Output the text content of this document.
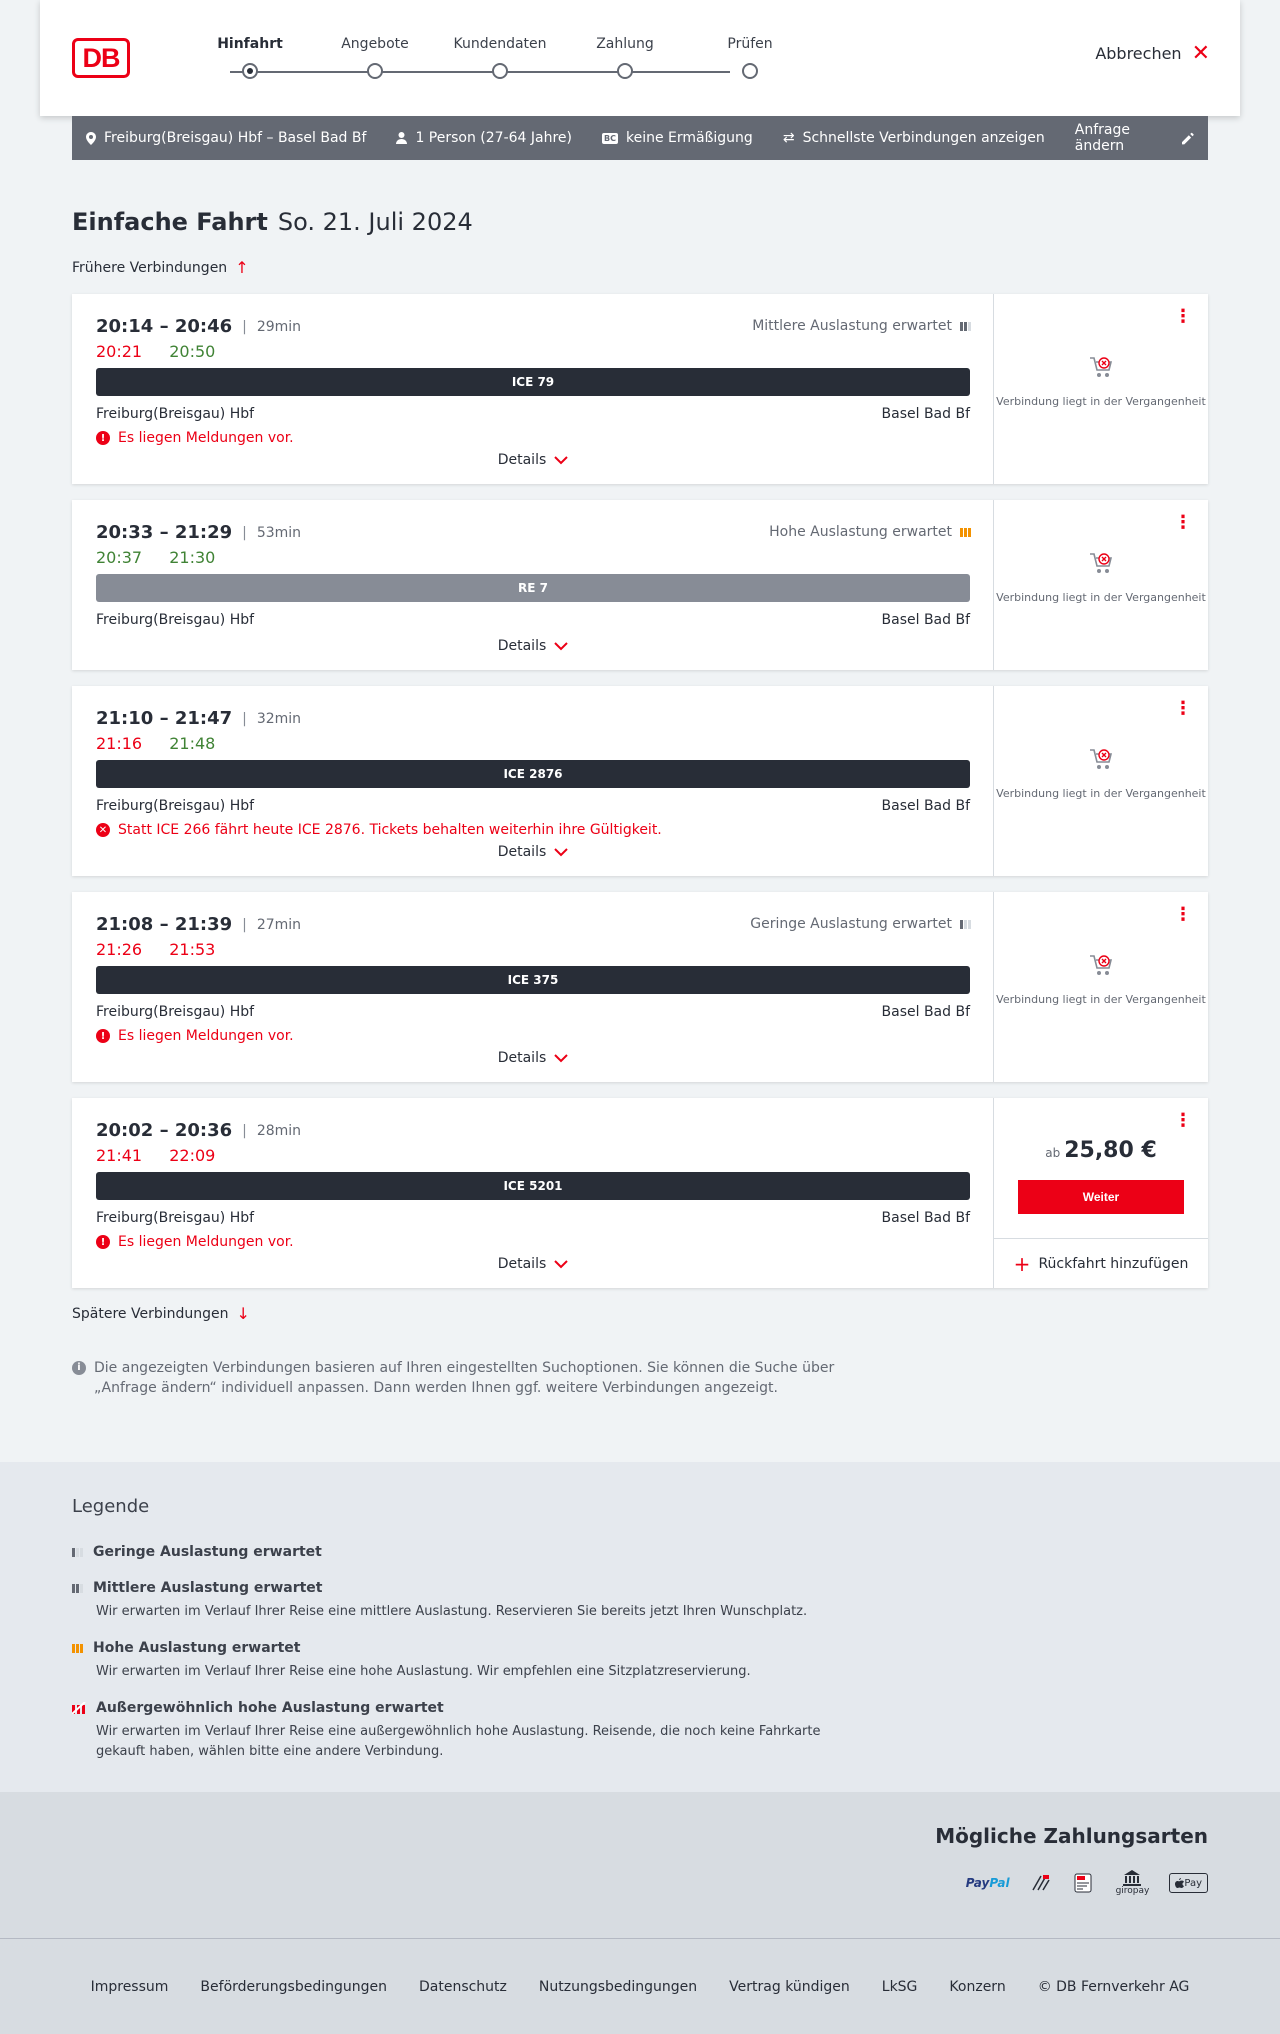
DB	Hinfahrt	Angebote	Kundendaten	Zahlung	Prüfen	Abbrechen ✕
Freiburg(Breisgau) Hbf – Basel Bad Bf	1 Person (27-64 Jahre)	BC keine Ermäßigung ⇄ Schnellste Verbindungen anzeigen Anfrage ändern
Einfache Fahrt So. 21. Juli 2024
Frühere Verbindungen ↑
20:14 – 20:46 | 29min	Mittlere Auslastung erwartet
20:21 20:50
ICE 79
Freiburg(Breisgau) Hbf	Basel Bad Bf
! Es liegen Meldungen vor.
Details
⋮
Verbindung liegt in der Vergangenheit
20:33 – 21:29 | 53min	Hohe Auslastung erwartet
20:37 21:30
RE 7
Freiburg(Breisgau) Hbf	Basel Bad Bf
Details
⋮
Verbindung liegt in der Vergangenheit
21:10 – 21:47 | 32min
21:16 21:48
ICE 2876
Freiburg(Breisgau) Hbf	Basel Bad Bf
✕ Statt ICE 266 fährt heute ICE 2876. Tickets behalten weiterhin ihre Gültigkeit.
Details
⋮
Verbindung liegt in der Vergangenheit
21:08 – 21:39 | 27min	Geringe Auslastung erwartet
21:26 21:53
ICE 375
Freiburg(Breisgau) Hbf	Basel Bad Bf
! Es liegen Meldungen vor.
Details
⋮
Verbindung liegt in der Vergangenheit
20:02 – 20:36 | 28min
21:41 22:09
ICE 5201
Freiburg(Breisgau) Hbf	Basel Bad Bf
! Es liegen Meldungen vor.
Details
⋮
ab 25,80 €
Weiter
+ Rückfahrt hinzufügen
Spätere Verbindungen ↓
i Die angezeigten Verbindungen basieren auf Ihren eingestellten Suchoptionen. Sie können die Suche über „Anfrage ändern“ individuell anpassen. Dann werden Ihnen ggf. weitere Verbindungen angezeigt.
Legende
Geringe Auslastung erwartet
Mittlere Auslastung erwartet
Wir erwarten im Verlauf Ihrer Reise eine mittlere Auslastung. Reservieren Sie bereits jetzt Ihren Wunschplatz.
Hohe Auslastung erwartet
Wir erwarten im Verlauf Ihrer Reise eine hohe Auslastung. Wir empfehlen eine Sitzplatzreservierung.
Außergewöhnlich hohe Auslastung erwartet
Wir erwarten im Verlauf Ihrer Reise eine außergewöhnlich hohe Auslastung. Reisende, die noch keine Fahrkarte gekauft haben, wählen bitte eine andere Verbindung.
Mögliche Zahlungsarten
Pay Pal
giropay
Pay
Impressum Beförderungsbedingungen Datenschutz Nutzungsbedingungen Vertrag kündigen LkSG Konzern © DB Fernverkehr AG
